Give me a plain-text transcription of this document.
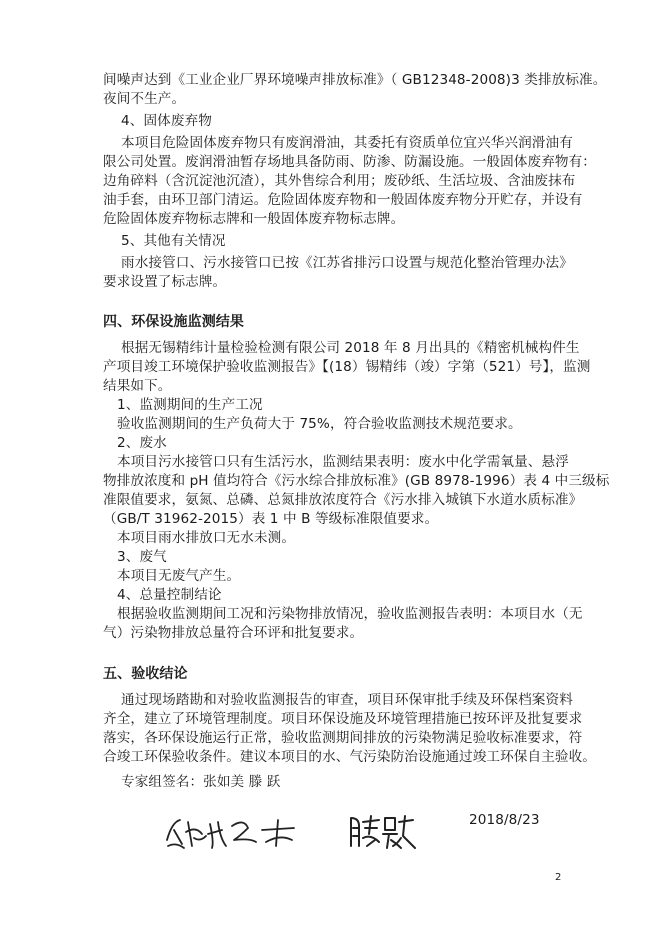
间噪声达到《工业企业厂界环境噪声排放标准》（ GB12348-2008)3 类排放标准。
夜间不生产。
4、固体废弃物
本项目危险固体废弃物只有废润滑油，其委托有资质单位宜兴华兴润滑油有
限公司处置。废润滑油暂存场地具备防雨、防渗、防漏设施。一般固体废弃物有：
边角碎料（含沉淀池沉渣），其外售综合利用；废砂纸、生活垃圾、含油废抹布
油手套，由环卫部门清运。危险固体废弃物和一般固体废弃物分开贮存，并设有
危险固体废弃物标志牌和一般固体废弃物标志牌。
5、其他有关情况
雨水接管口、污水接管口已按《江苏省排污口设置与规范化整治管理办法》
要求设置了标志牌。
四、环保设施监测结果
根据无锡精纬计量检验检测有限公司 2018 年 8 月出具的《精密机械构件生
产项目竣工环境保护验收监测报告》【(18）锡精纬（竣）字第（521）号】，监测
结果如下。
1、监测期间的生产工况
验收监测期间的生产负荷大于 75%，符合验收监测技术规范要求。
2、废水
本项目污水接管口只有生活污水，监测结果表明：废水中化学需氧量、悬浮
物排放浓度和 pH 值均符合《污水综合排放标准》(GB 8978-1996）表 4 中三级标
准限值要求，氨氮、总磷、总氮排放浓度符合《污水排入城镇下水道水质标准》
（GB/T 31962-2015）表 1 中 B 等级标准限值要求。
本项目雨水排放口无水未测。
3、废气
本项目无废气产生。
4、总量控制结论
根据验收监测期间工况和污染物排放情况，验收监测报告表明：本项目水（无
气）污染物排放总量符合环评和批复要求。
五、验收结论
通过现场踏勘和对验收监测报告的审查，项目环保审批手续及环保档案资料
齐全，建立了环境管理制度。项目环保设施及环境管理措施已按环评及批复要求
落实，各环保设施运行正常，验收监测期间排放的污染物满足验收标准要求，符
合竣工环保验收条件。建议本项目的水、气污染防治设施通过竣工环保自主验收。
专家组签名：张如美 滕 跃
2018/8/23
2
